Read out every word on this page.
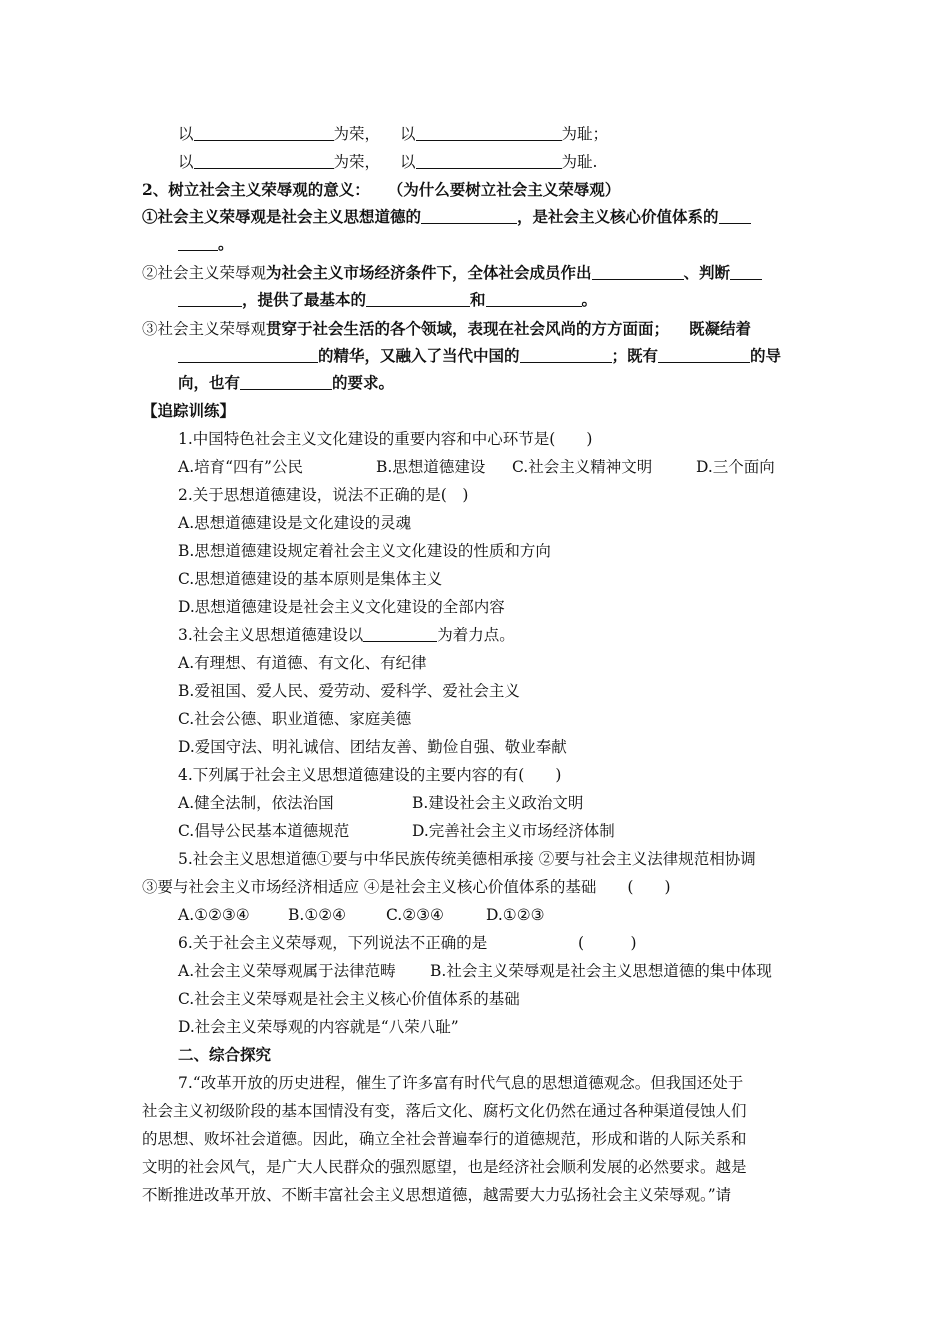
以	为荣， 以	为耻；
以	为荣， 以	为耻.
2、树立社会主义荣辱观的意义： （为什么要树立社会主义荣辱观）
①社会主义荣辱观是社会主义思想道德的	，是社会主义核心价值体系的
。
②社会主义荣辱观为社会主义市场经济条件下，全体社会成员作出	、判断
，提供了最基本的	和	。
③社会主义荣辱观贯穿于社会生活的各个领域，表现在社会风尚的方方面面； 既凝结着
的精华，又融入了当代中国的	；既有	的导
向，也有	的要求。
【追踪训练】
1.中国特色社会主义文化建设的重要内容和中心环节是(　　)
A.培育“四有”公民	B.思想道德建设 C.社会主义精神文明	D.三个面向
2.关于思想道德建设，说法不正确的是(　)
A.思想道德建设是文化建设的灵魂
B.思想道德建设规定着社会主义文化建设的性质和方向
C.思想道德建设的基本原则是集体主义
D.思想道德建设是社会主义文化建设的全部内容
3.社会主义思想道德建设以	为着力点。
A.有理想、有道德、有文化、有纪律
B.爱祖国、爱人民、爱劳动、爱科学、爱社会主义
C.社会公德、职业道德、家庭美德
D.爱国守法、明礼诚信、团结友善、勤俭自强、敬业奉献
4.下列属于社会主义思想道德建设的主要内容的有(　　)
A.健全法制，依法治国	B.建设社会主义政治文明
C.倡导公民基本道德规范	D.完善社会主义市场经济体制
5.社会主义思想道德①要与中华民族传统美德相承接 ②要与社会主义法律规范相协调
③要与社会主义市场经济相适应 ④是社会主义核心价值体系的基础　　(　　)
A.①②③④ B.①②④	C.②③④	D.①②③
6.关于社会主义荣辱观，下列说法不正确的是	(　　　)
A.社会主义荣辱观属于法律范畴 B.社会主义荣辱观是社会主义思想道德的集中体现
C.社会主义荣辱观是社会主义核心价值体系的基础
D.社会主义荣辱观的内容就是“八荣八耻”
二、综合探究
7.“改革开放的历史进程，催生了许多富有时代气息的思想道德观念。但我国还处于
社会主义初级阶段的基本国情没有变，落后文化、腐朽文化仍然在通过各种渠道侵蚀人们
的思想、败坏社会道德。因此，确立全社会普遍奉行的道德规范，形成和谐的人际关系和
文明的社会风气，是广大人民群众的强烈愿望，也是经济社会顺利发展的必然要求。越是
不断推进改革开放、不断丰富社会主义思想道德，越需要大力弘扬社会主义荣辱观。”请
